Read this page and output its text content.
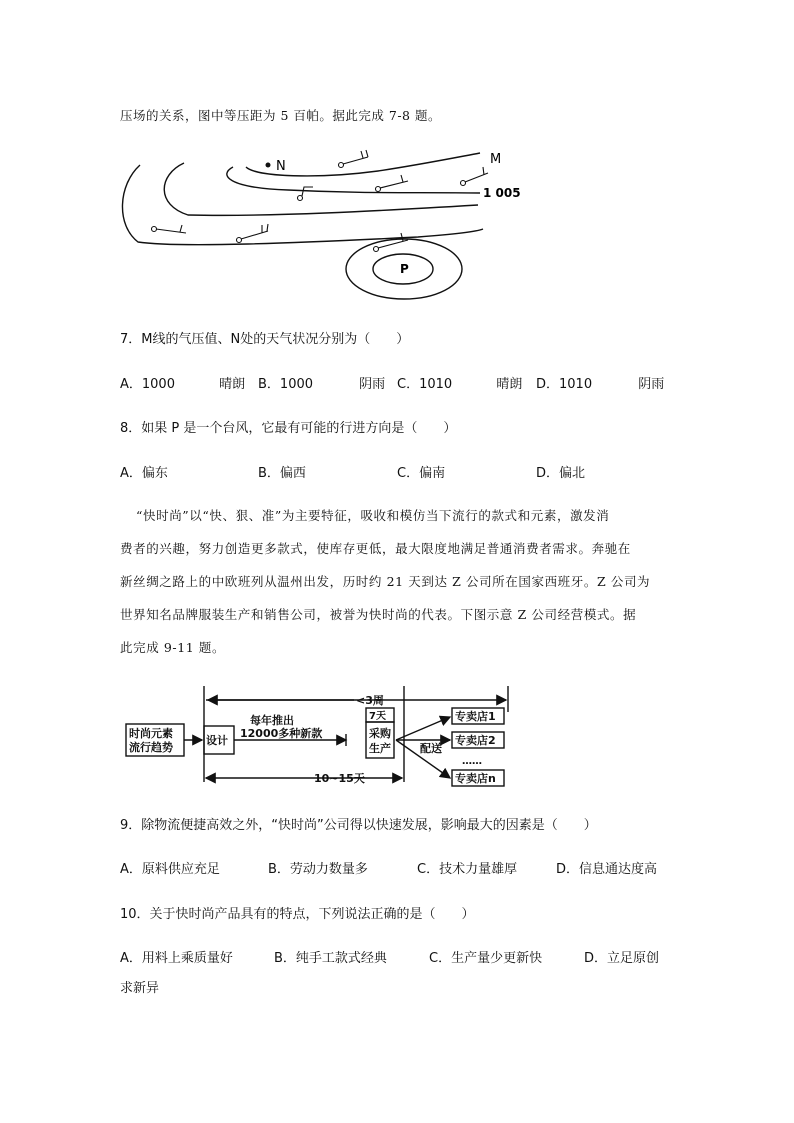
压场的关系，图中等压距为 5 百帕。据此完成 7-8 题。
N	M
1 005
P
7．M线的气压值、N处的天气状况分别为（　　）
A．1000	晴朗 B．1000	阴雨 C．1010	晴朗 D．1010	阴雨
8．如果 P 是一个台风，它最有可能的行进方向是（　　）
A．偏东	B．偏西	C．偏南	D．偏北
“快时尚”以“快、狠、准”为主要特征，吸收和模仿当下流行的款式和元素，激发消
费者的兴趣，努力创造更多款式，使库存更低，最大限度地满足普通消费者需求。奔驰在
新丝绸之路上的中欧班列从温州出发，历时约 21 天到达 Z 公司所在国家西班牙。Z 公司为
世界知名品牌服装生产和销售公司，被誉为快时尚的代表。下图示意 Z 公司经营模式。据
此完成 9-11 题。
<3周
时尚元素
流行趋势
设计
每年推出
12000多种新款
7天
采购
生产	配送
专卖店1
专卖店2
……
专卖店n
10~15天
9．除物流便捷高效之外，“快时尚”公司得以快速发展，影响最大的因素是（　　）
A．原料供应充足	B．劳动力数量多	C．技术力量雄厚	D．信息通达度高
10．关于快时尚产品具有的特点，下列说法正确的是（　　）
A．用料上乘质量好	B．纯手工款式经典	C．生产量少更新快	D．立足原创
求新异
